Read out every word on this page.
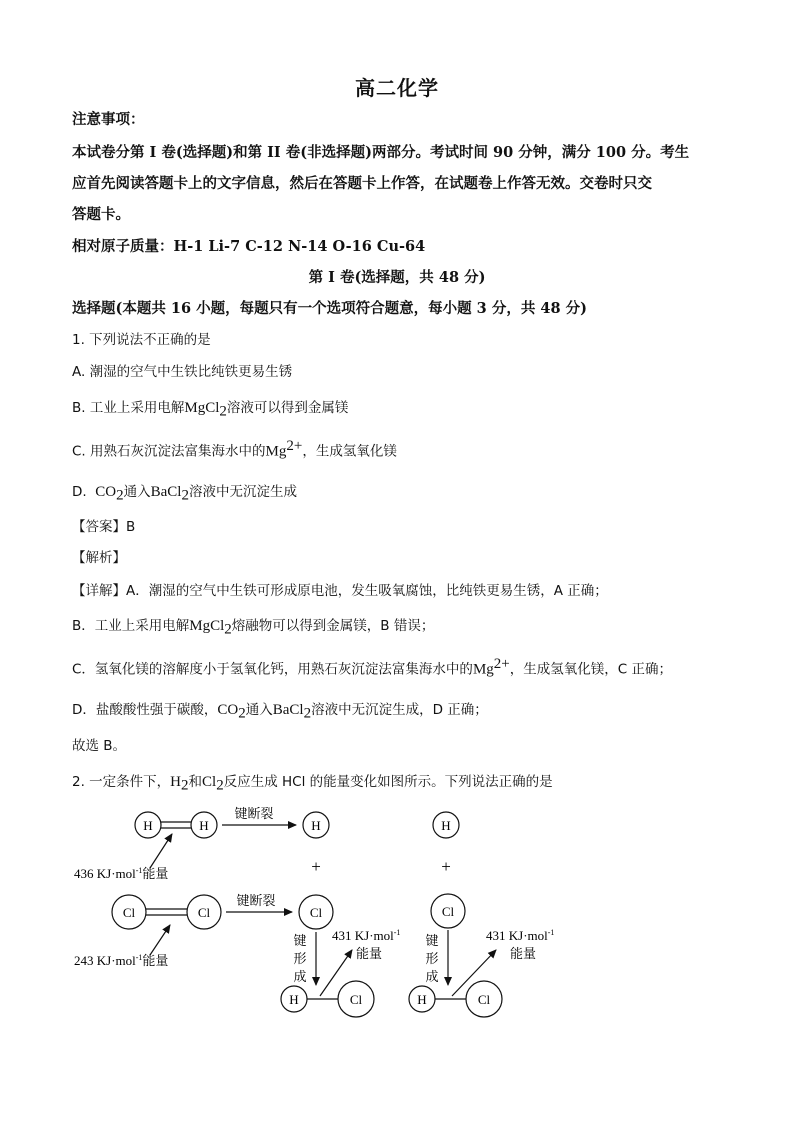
高二化学
注意事项：
本试卷分第 I 卷(选择题)和第 II 卷(非选择题)两部分。考试时间 90 分钟，满分 100 分。考生
应首先阅读答题卡上的文字信息，然后在答题卡上作答，在试题卷上作答无效。交卷时只交
答题卡。
相对原子质量：H-1 Li-7 C-12 N-14 O-16 Cu-64
第 I 卷(选择题，共 48 分)
选择题(本题共 16 小题，每题只有一个选项符合题意，每小题 3 分，共 48 分)
1. 下列说法不正确的是
A. 潮湿的空气中生铁比纯铁更易生锈
B. 工业上采用电解MgCl$_2$溶液可以得到金属镁
C. 用熟石灰沉淀法富集海水中的$Mg^{2+}$，生成氢氧化镁
D. $CO_2$通入BaCl$_2$溶液中无沉淀生成
【答案】B
【解析】
【详解】A．潮湿的空气中生铁可形成原电池，发生吸氧腐蚀，比纯铁更易生锈，A 正确；
B．工业上采用电解MgCl$_2$熔融物可以得到金属镁，B 错误；
C．氢氧化镁的溶解度小于氢氧化钙，用熟石灰沉淀法富集海水中的$Mg^{2+}$，生成氢氧化镁，C 正确；
D．盐酸酸性强于碳酸，$CO_2$通入BaCl$_2$溶液中无沉淀生成，D 正确；
故选 B。
2. 一定条件下，$H_2$和$Cl_2$反应生成 HCl 的能量变化如图所示。下列说法正确的是
H	H
键断裂
H
436 KJ·mol$^{-1}$能量	+
Cl	Cl
键断裂
Cl
243 KJ·mol$^{-1}$能量
键
形
成
431 KJ·mol$^{-1}$
能量
H	Cl
H
+
Cl
键
形
成
431 KJ·mol$^{-1}$
能量
H	Cl
